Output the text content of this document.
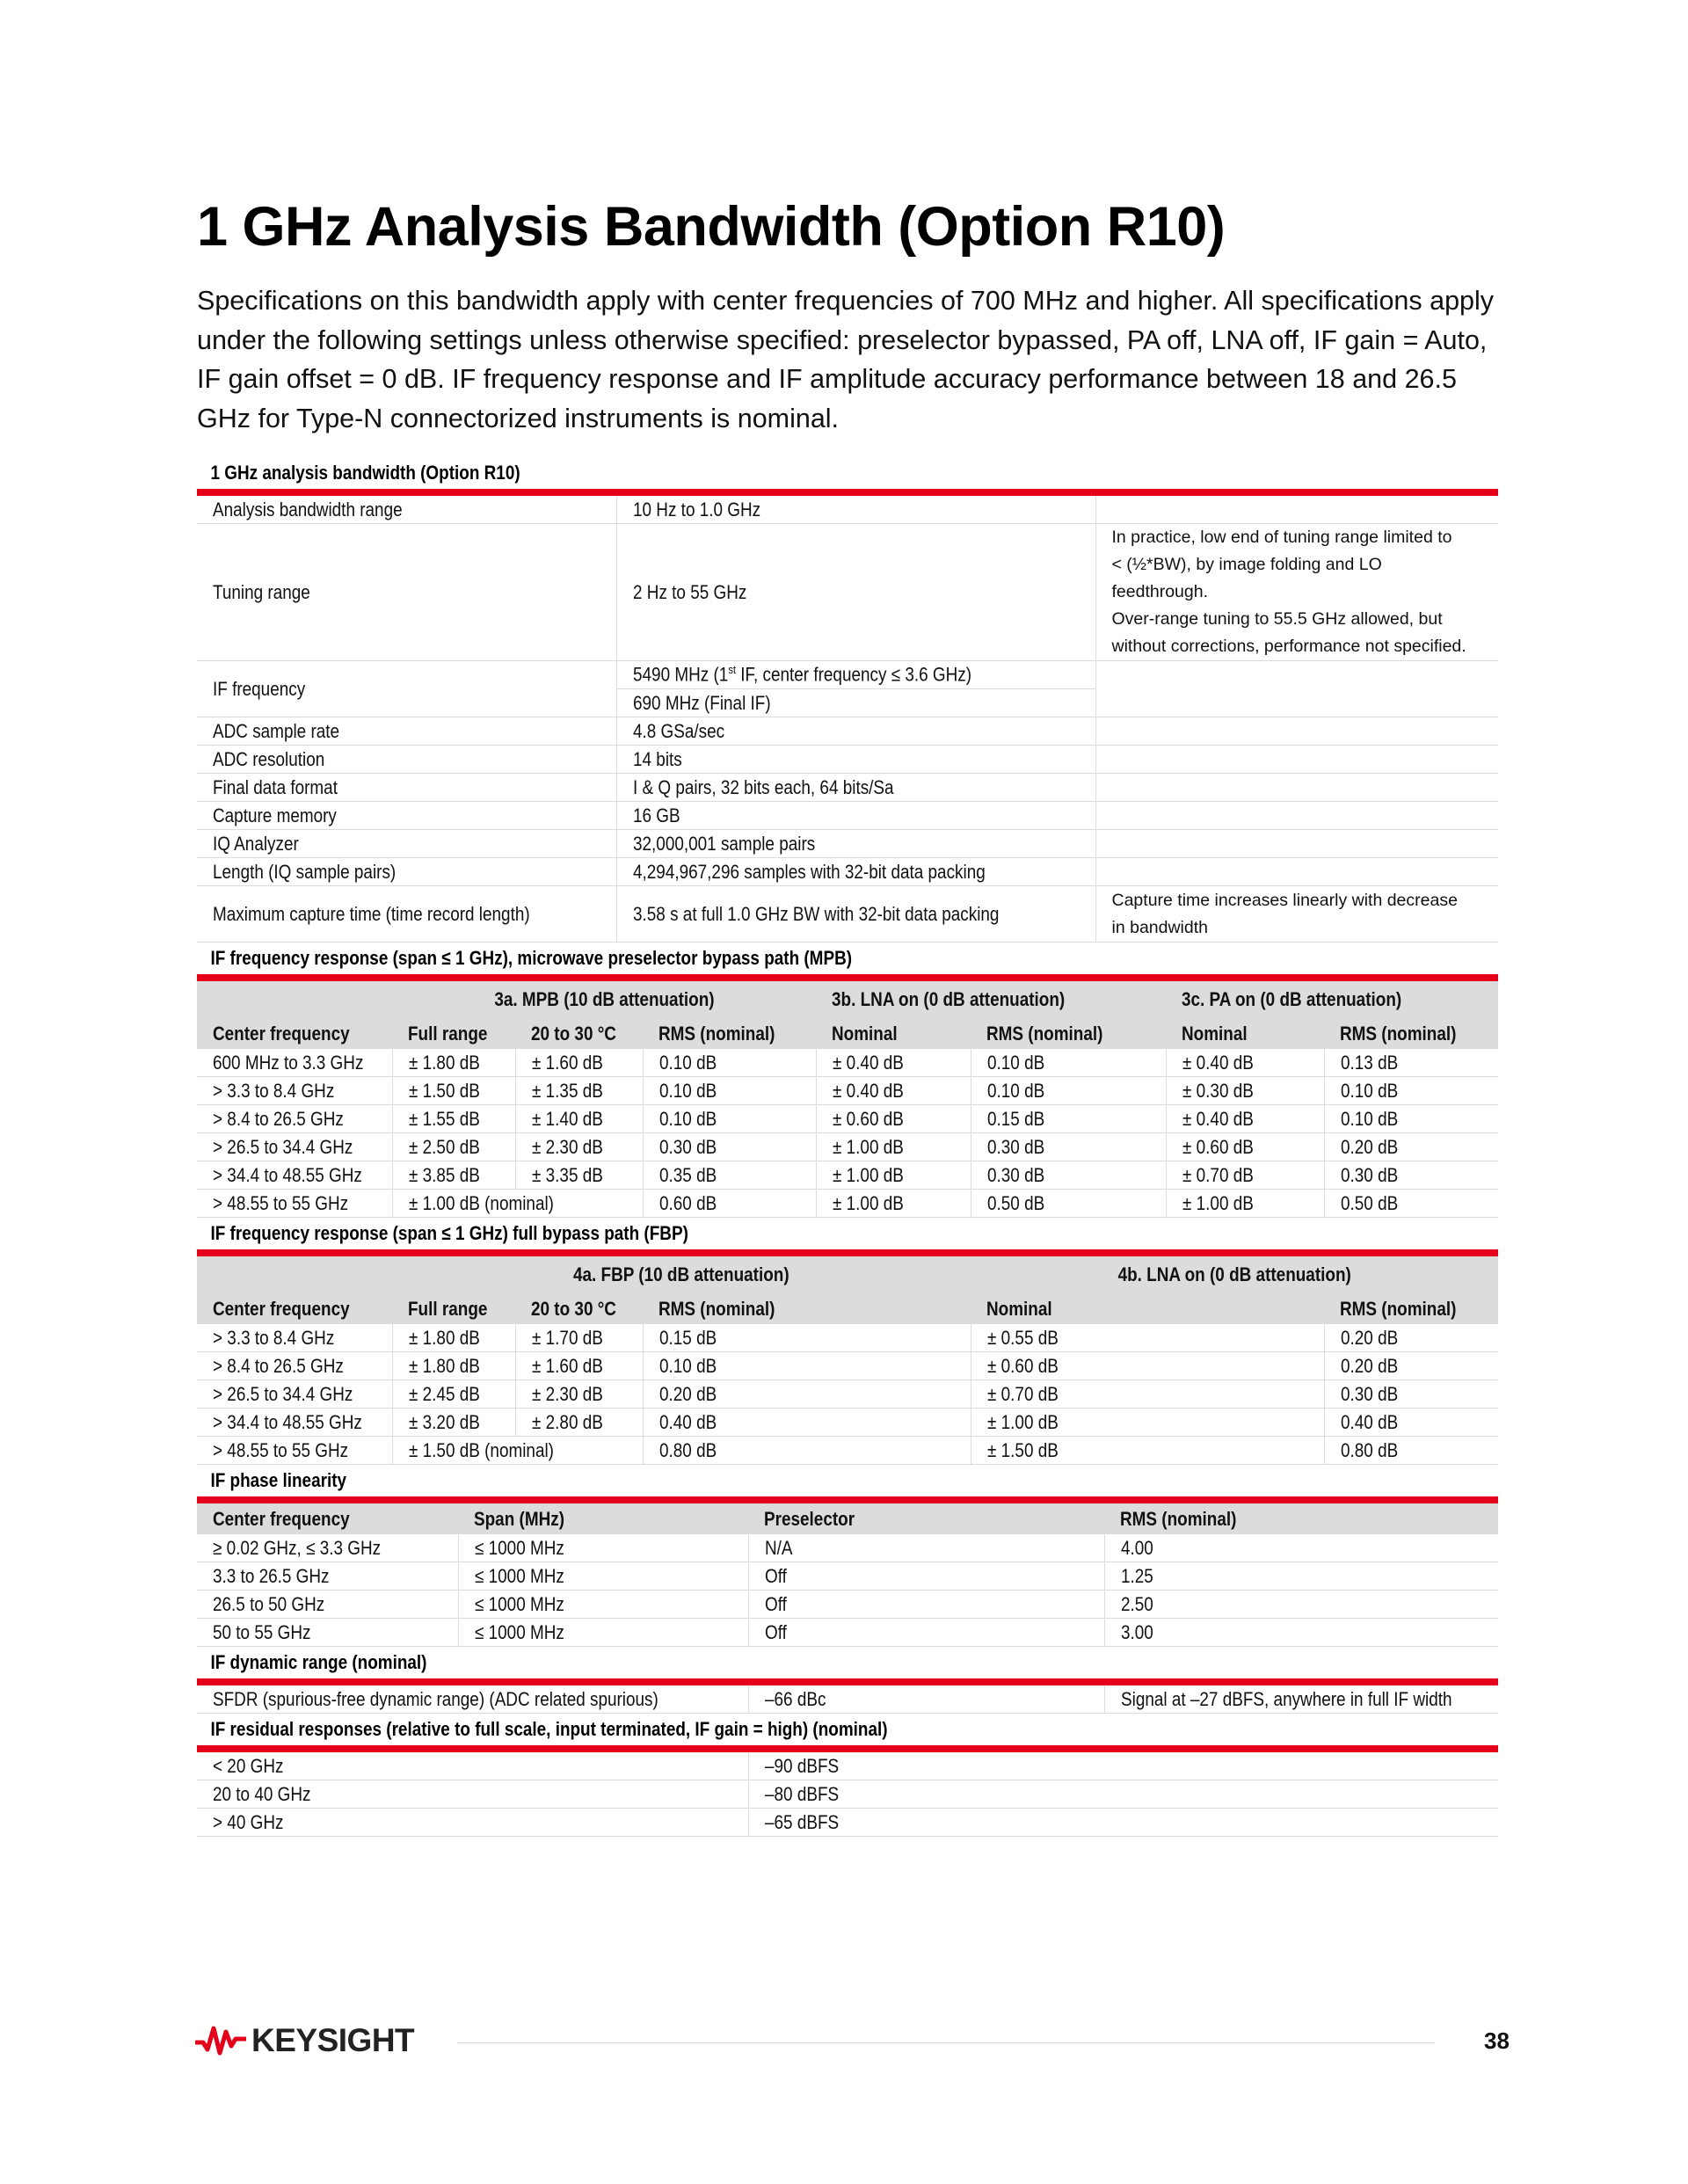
1 GHz Analysis Bandwidth (Option R10)

Specifications on this bandwidth apply with center frequencies of 700 MHz and higher. All specifications apply under the following settings unless otherwise specified: preselector bypassed, PA off, LNA off, IF gain = Auto, IF gain offset = 0 dB. IF frequency response and IF amplitude accuracy performance between 18 and 26.5 GHz for Type-N connectorized instruments is nominal.

1 GHz analysis bandwidth (Option R10)
Analysis bandwidth range	10 Hz to 1.0 GHz	
Tuning range	2 Hz to 55 GHz	In practice, low end of tuning range limited to
< (½*BW), by image folding and LO
feedthrough.
Over-range tuning to 55.5 GHz allowed, but
without corrections, performance not specified.

IF frequency	5490 MHz (1st IF, center frequency ≤ 3.6 GHz)	
	690 MHz (Final IF)	
ADC sample rate	4.8 GSa/sec	
ADC resolution	14 bits	
Final data format	I & Q pairs, 32 bits each, 64 bits/Sa	
Capture memory	16 GB	
IQ Analyzer	32,000,001 sample pairs	
Length (IQ sample pairs)	4,294,967,296 samples with 32-bit data packing	
Maximum capture time (time record length)	3.58 s at full 1.0 GHz BW with 32-bit data packing	Capture time increases linearly with decrease
in bandwidth
IF frequency response (span ≤ 1 GHz), microwave preselector bypass path (MPB)
	3a. MPB (10 dB attenuation)			3b. LNA on (0 dB attenuation)		3c. PA on (0 dB attenuation)	
Center frequency	Full range	20 to 30 °C	RMS (nominal)	Nominal	RMS (nominal)	Nominal	RMS (nominal)
600 MHz to 3.3 GHz	± 1.80 dB	± 1.60 dB	0.10 dB	± 0.40 dB	0.10 dB	± 0.40 dB	0.13 dB
> 3.3 to 8.4 GHz	± 1.50 dB	± 1.35 dB	0.10 dB	± 0.40 dB	0.10 dB	± 0.30 dB	0.10 dB
> 8.4 to 26.5 GHz	± 1.55 dB	± 1.40 dB	0.10 dB	± 0.60 dB	0.15 dB	± 0.40 dB	0.10 dB
> 26.5 to 34.4 GHz	± 2.50 dB	± 2.30 dB	0.30 dB	± 1.00 dB	0.30 dB	± 0.60 dB	0.20 dB
> 34.4 to 48.55 GHz	± 3.85 dB	± 3.35 dB	0.35 dB	± 1.00 dB	0.30 dB	± 0.70 dB	0.30 dB
> 48.55 to 55 GHz	± 1.00 dB (nominal)		0.60 dB	± 1.00 dB	0.50 dB	± 1.00 dB	0.50 dB
IF frequency response (span ≤ 1 GHz) full bypass path (FBP)
	4a. FBP (10 dB attenuation)			4b. LNA on (0 dB attenuation)	
Center frequency	Full range	20 to 30 °C	RMS (nominal)	Nominal	RMS (nominal)
> 3.3 to 8.4 GHz	± 1.80 dB	± 1.70 dB	0.15 dB	± 0.55 dB	0.20 dB
> 8.4 to 26.5 GHz	± 1.80 dB	± 1.60 dB	0.10 dB	± 0.60 dB	0.20 dB
> 26.5 to 34.4 GHz	± 2.45 dB	± 2.30 dB	0.20 dB	± 0.70 dB	0.30 dB
> 34.4 to 48.55 GHz	± 3.20 dB	± 2.80 dB	0.40 dB	± 1.00 dB	0.40 dB
> 48.55 to 55 GHz	± 1.50 dB (nominal)		0.80 dB	± 1.50 dB	0.80 dB
IF phase linearity
Center frequency	Span (MHz)	Preselector	RMS (nominal)
≥ 0.02 GHz, ≤ 3.3 GHz	≤ 1000 MHz	N/A	4.00
3.3 to 26.5 GHz	≤ 1000 MHz	Off	1.25
26.5 to 50 GHz	≤ 1000 MHz	Off	2.50
50 to 55 GHz	≤ 1000 MHz	Off	3.00
IF dynamic range (nominal)
SFDR (spurious-free dynamic range) (ADC related spurious)	–66 dBc	Signal at –27 dBFS, anywhere in full IF width
IF residual responses (relative to full scale, input terminated, IF gain = high) (nominal)
< 20 GHz	–90 dBFS
20 to 40 GHz	–80 dBFS
> 40 GHz	–65 dBFS
KEYSIGHT	38
